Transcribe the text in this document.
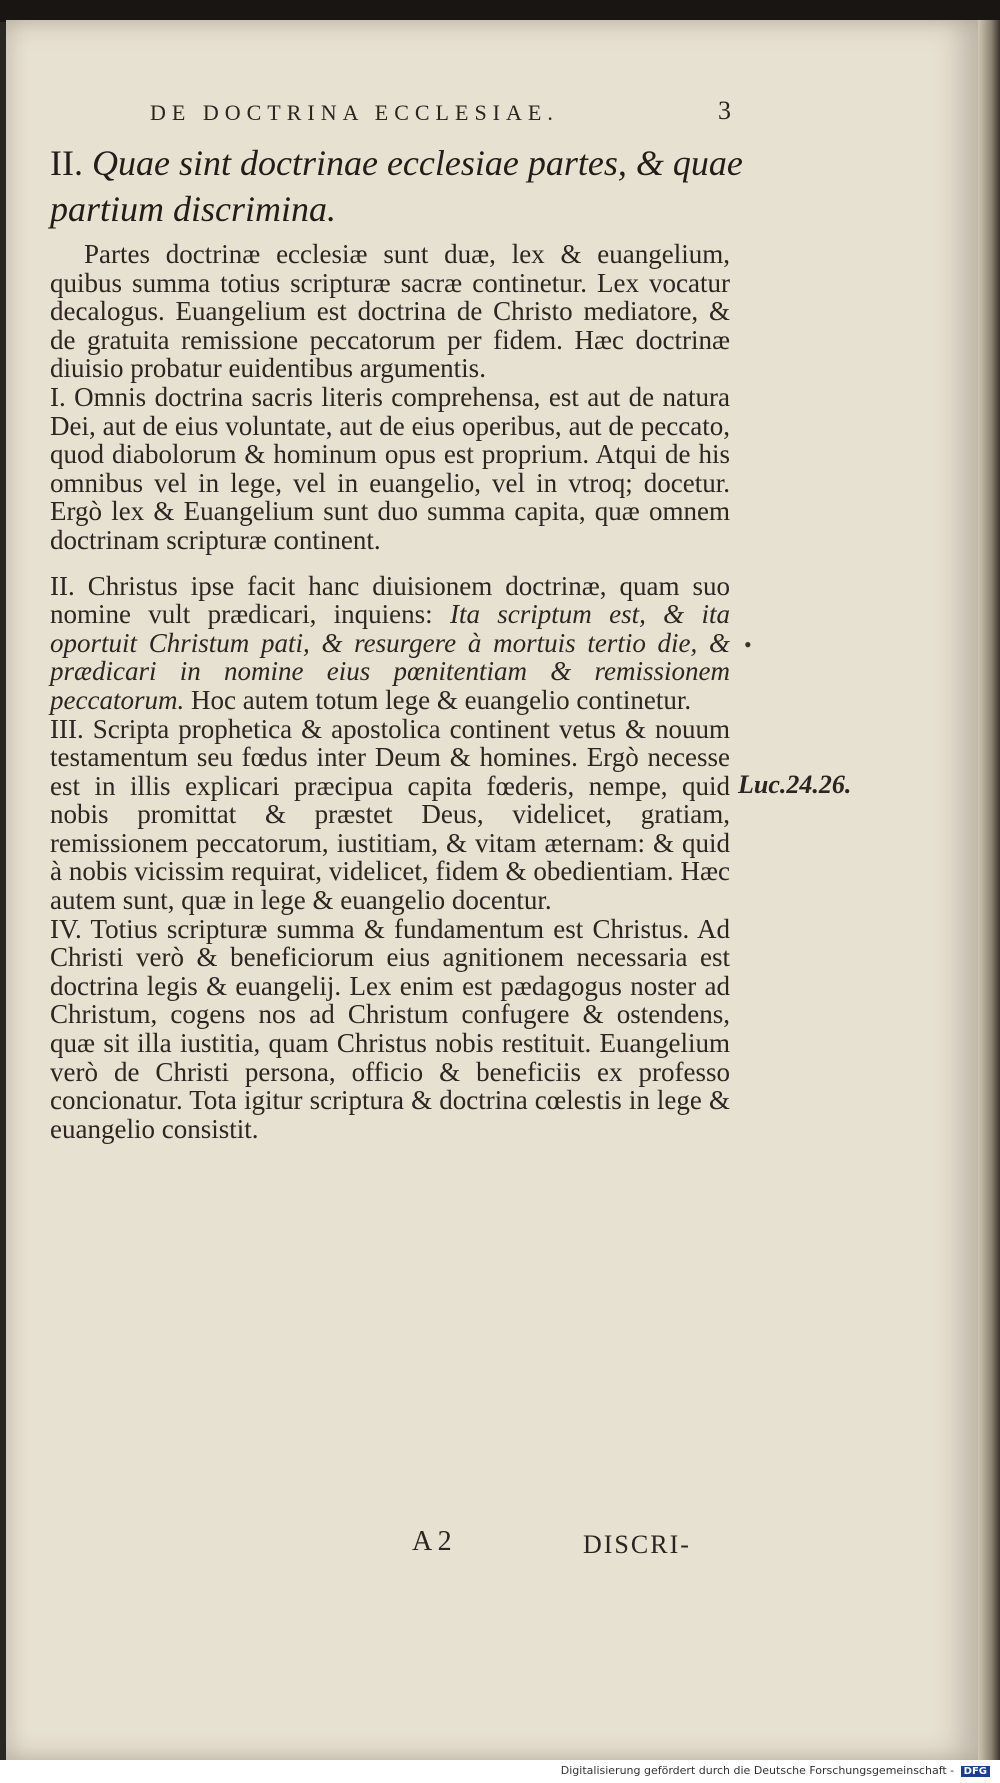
DE DOCTRINA ECCLESIAE.	3
II. Quae sint doctrinae ecclesiae partes, & quae partium discrimina.

Partes doctrinæ ecclesiæ sunt duæ, lex & euangelium, quibus summa totius scripturæ sacræ continetur. Lex vocatur decalogus. Euangelium est doctrina de Christo mediatore, & de gratuita remissione peccatorum per fidem. Hæc doctrinæ diuisio probatur euidentibus argumentis.

I. Omnis doctrina sacris literis comprehensa, est aut de natura Dei, aut de eius voluntate, aut de eius operibus, aut de peccato, quod diabolorum & hominum opus est proprium. Atqui de his omnibus vel in lege, vel in euangelio, vel in vtroq; docetur. Ergò lex & Euangelium sunt duo summa capita, quæ omnem doctrinam scripturæ continent.

II. Christus ipse facit hanc diuisionem doctrinæ, quam suo nomine vult prædicari, inquiens: Ita scriptum est, & ita oportuit Christum pati, & resurgere à mortuis tertio die, & prædicari in nomine eius pœnitentiam & remissionem peccatorum. Hoc autem totum lege & euangelio continetur.

III. Scripta prophetica & apostolica continent vetus & nouum testamentum seu fœdus inter Deum & homines. Ergò necesse est in illis explicari præcipua capita fœderis, nempe, quid nobis promittat & præstet Deus, videlicet, gratiam, remissionem peccatorum, iustitiam, & vitam æternam: & quid à nobis vicissim requirat, videlicet, fidem & obedientiam. Hæc autem sunt, quæ in lege & euangelio docentur.

IV. Totius scripturæ summa & fundamentum est Christus. Ad Christi verò & beneficiorum eius agnitionem necessaria est doctrina legis & euangelij. Lex enim est pædagogus noster ad Christum, cogens nos ad Christum confugere & ostendens, quæ sit illa iustitia, quam Christus nobis restituit. Euangelium verò de Christi persona, officio & beneficiis ex professo concionatur. Tota igitur scriptura & doctrina cœlestis in lege & euangelio consistit.

•
Luc.24.26.
A 2	DISCRI-
Digitalisierung gefördert durch die Deutsche Forschungsgemeinschaft - DFG
